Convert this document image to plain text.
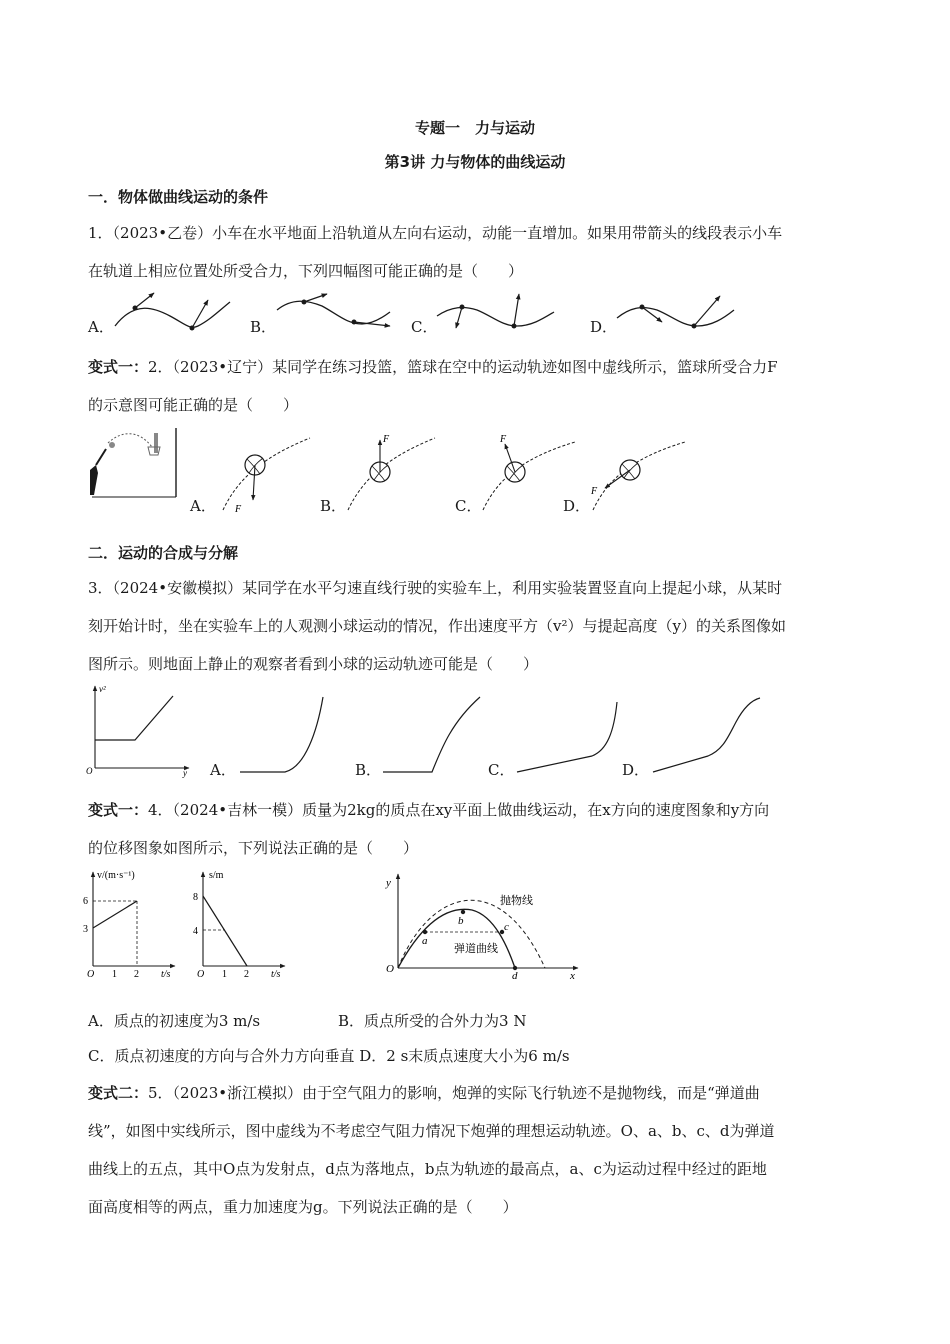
专题一　力与运动
第3讲 力与物体的曲线运动
一．物体做曲线运动的条件
1．（2023•乙卷）小车在水平地面上沿轨道从左向右运动，动能一直增加。如果用带箭头的线段表示小车
在轨道上相应位置处所受合力，下列四幅图可能正确的是（　　）
A．	B．	C．	D．
变式一：2．（2023•辽宁）某同学在练习投篮，篮球在空中的运动轨迹如图中虚线所示，篮球所受合力F
的示意图可能正确的是（　　）
A． F	B．
F
C．
F
D．
F
二．运动的合成与分解
3．（2024•安徽模拟）某同学在水平匀速直线行驶的实验车上，利用实验装置竖直向上提起小球，从某时
刻开始计时，坐在实验车上的人观测小球运动的情况，作出速度平方（v²）与提起高度（y）的关系图像如
图所示。则地面上静止的观察者看到小球的运动轨迹可能是（　　）
v²
y
O	A．	B．	C．	D．
变式一：4．（2024•吉林一模）质量为2kg的质点在xy平面上做曲线运动，在x方向的速度图象和y方向
的位移图象如图所示，下列说法正确的是（　　）
v/(m·s⁻¹)
6
3
1 2 t/s
O
s/m
8
4
1 2 t/s
O
y
x
O
抛物线
弹道曲线
a
b	c
d
A．质点的初速度为3 m/s	B．质点所受的合外力为3 N
C．质点初速度的方向与合外力方向垂直 D．2 s末质点速度大小为6 m/s
变式二：5．（2023•浙江模拟）由于空气阻力的影响，炮弹的实际飞行轨迹不是抛物线，而是“弹道曲
线”，如图中实线所示，图中虚线为不考虑空气阻力情况下炮弹的理想运动轨迹。O、a、b、c、d为弹道
曲线上的五点，其中O点为发射点，d点为落地点，b点为轨迹的最高点，a、c为运动过程中经过的距地
面高度相等的两点，重力加速度为g。下列说法正确的是（　　）
